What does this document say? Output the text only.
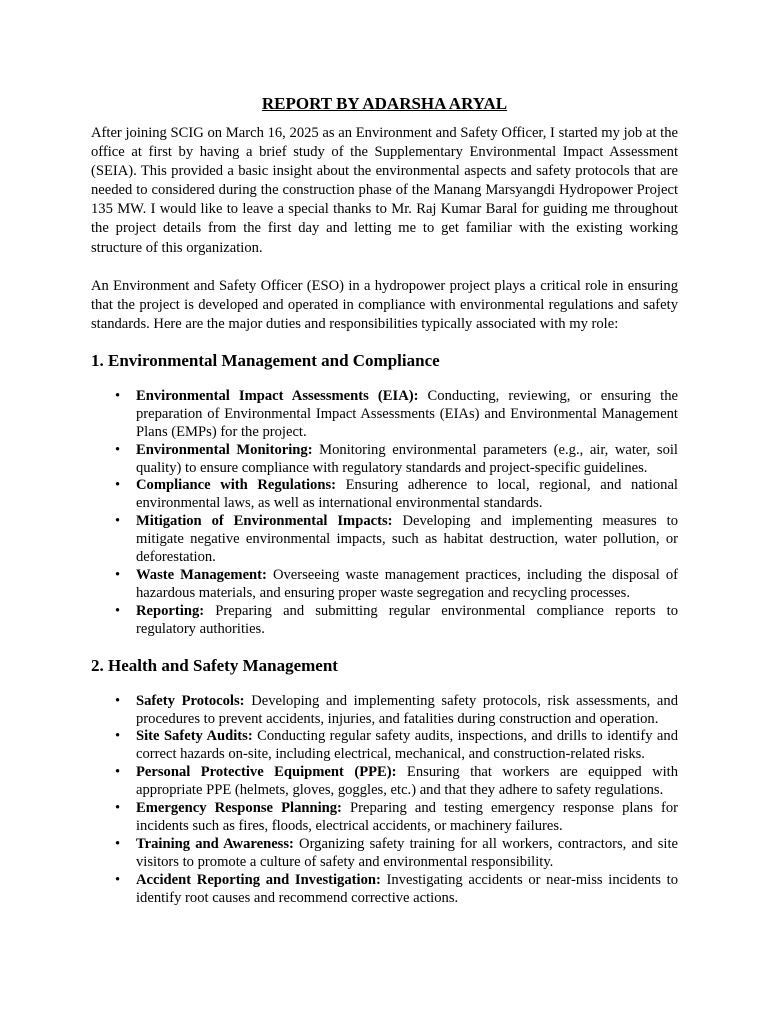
REPORT BY ADARSHA ARYAL

After joining SCIG on March 16, 2025 as an Environment and Safety Officer, I started my job at the office at first by having a brief study of the Supplementary Environmental Impact Assessment (SEIA). This provided a basic insight about the environmental aspects and safety protocols that are needed to considered during the construction phase of the Manang Marsyangdi Hydropower Project 135 MW. I would like to leave a special thanks to Mr. Raj Kumar Baral for guiding me throughout the project details from the first day and letting me to get familiar with the existing working structure of this organization.

An Environment and Safety Officer (ESO) in a hydropower project plays a critical role in ensuring that the project is developed and operated in compliance with environmental regulations and safety standards. Here are the major duties and responsibilities typically associated with my role:

1. Environmental Management and Compliance
• Environmental Impact Assessments (EIA): Conducting, reviewing, or ensuring the preparation of Environmental Impact Assessments (EIAs) and Environmental Management Plans (EMPs) for the project.
• Environmental Monitoring: Monitoring environmental parameters (e.g., air, water, soil quality) to ensure compliance with regulatory standards and project-specific guidelines.
• Compliance with Regulations: Ensuring adherence to local, regional, and national environmental laws, as well as international environmental standards.
• Mitigation of Environmental Impacts: Developing and implementing measures to mitigate negative environmental impacts, such as habitat destruction, water pollution, or deforestation.
• Waste Management: Overseeing waste management practices, including the disposal of hazardous materials, and ensuring proper waste segregation and recycling processes.
• Reporting: Preparing and submitting regular environmental compliance reports to regulatory authorities.
2. Health and Safety Management
• Safety Protocols: Developing and implementing safety protocols, risk assessments, and procedures to prevent accidents, injuries, and fatalities during construction and operation.
• Site Safety Audits: Conducting regular safety audits, inspections, and drills to identify and correct hazards on-site, including electrical, mechanical, and construction-related risks.
• Personal Protective Equipment (PPE): Ensuring that workers are equipped with appropriate PPE (helmets, gloves, goggles, etc.) and that they adhere to safety regulations.
• Emergency Response Planning: Preparing and testing emergency response plans for incidents such as fires, floods, electrical accidents, or machinery failures.
• Training and Awareness: Organizing safety training for all workers, contractors, and site visitors to promote a culture of safety and environmental responsibility.
• Accident Reporting and Investigation: Investigating accidents or near-miss incidents to identify root causes and recommend corrective actions.
